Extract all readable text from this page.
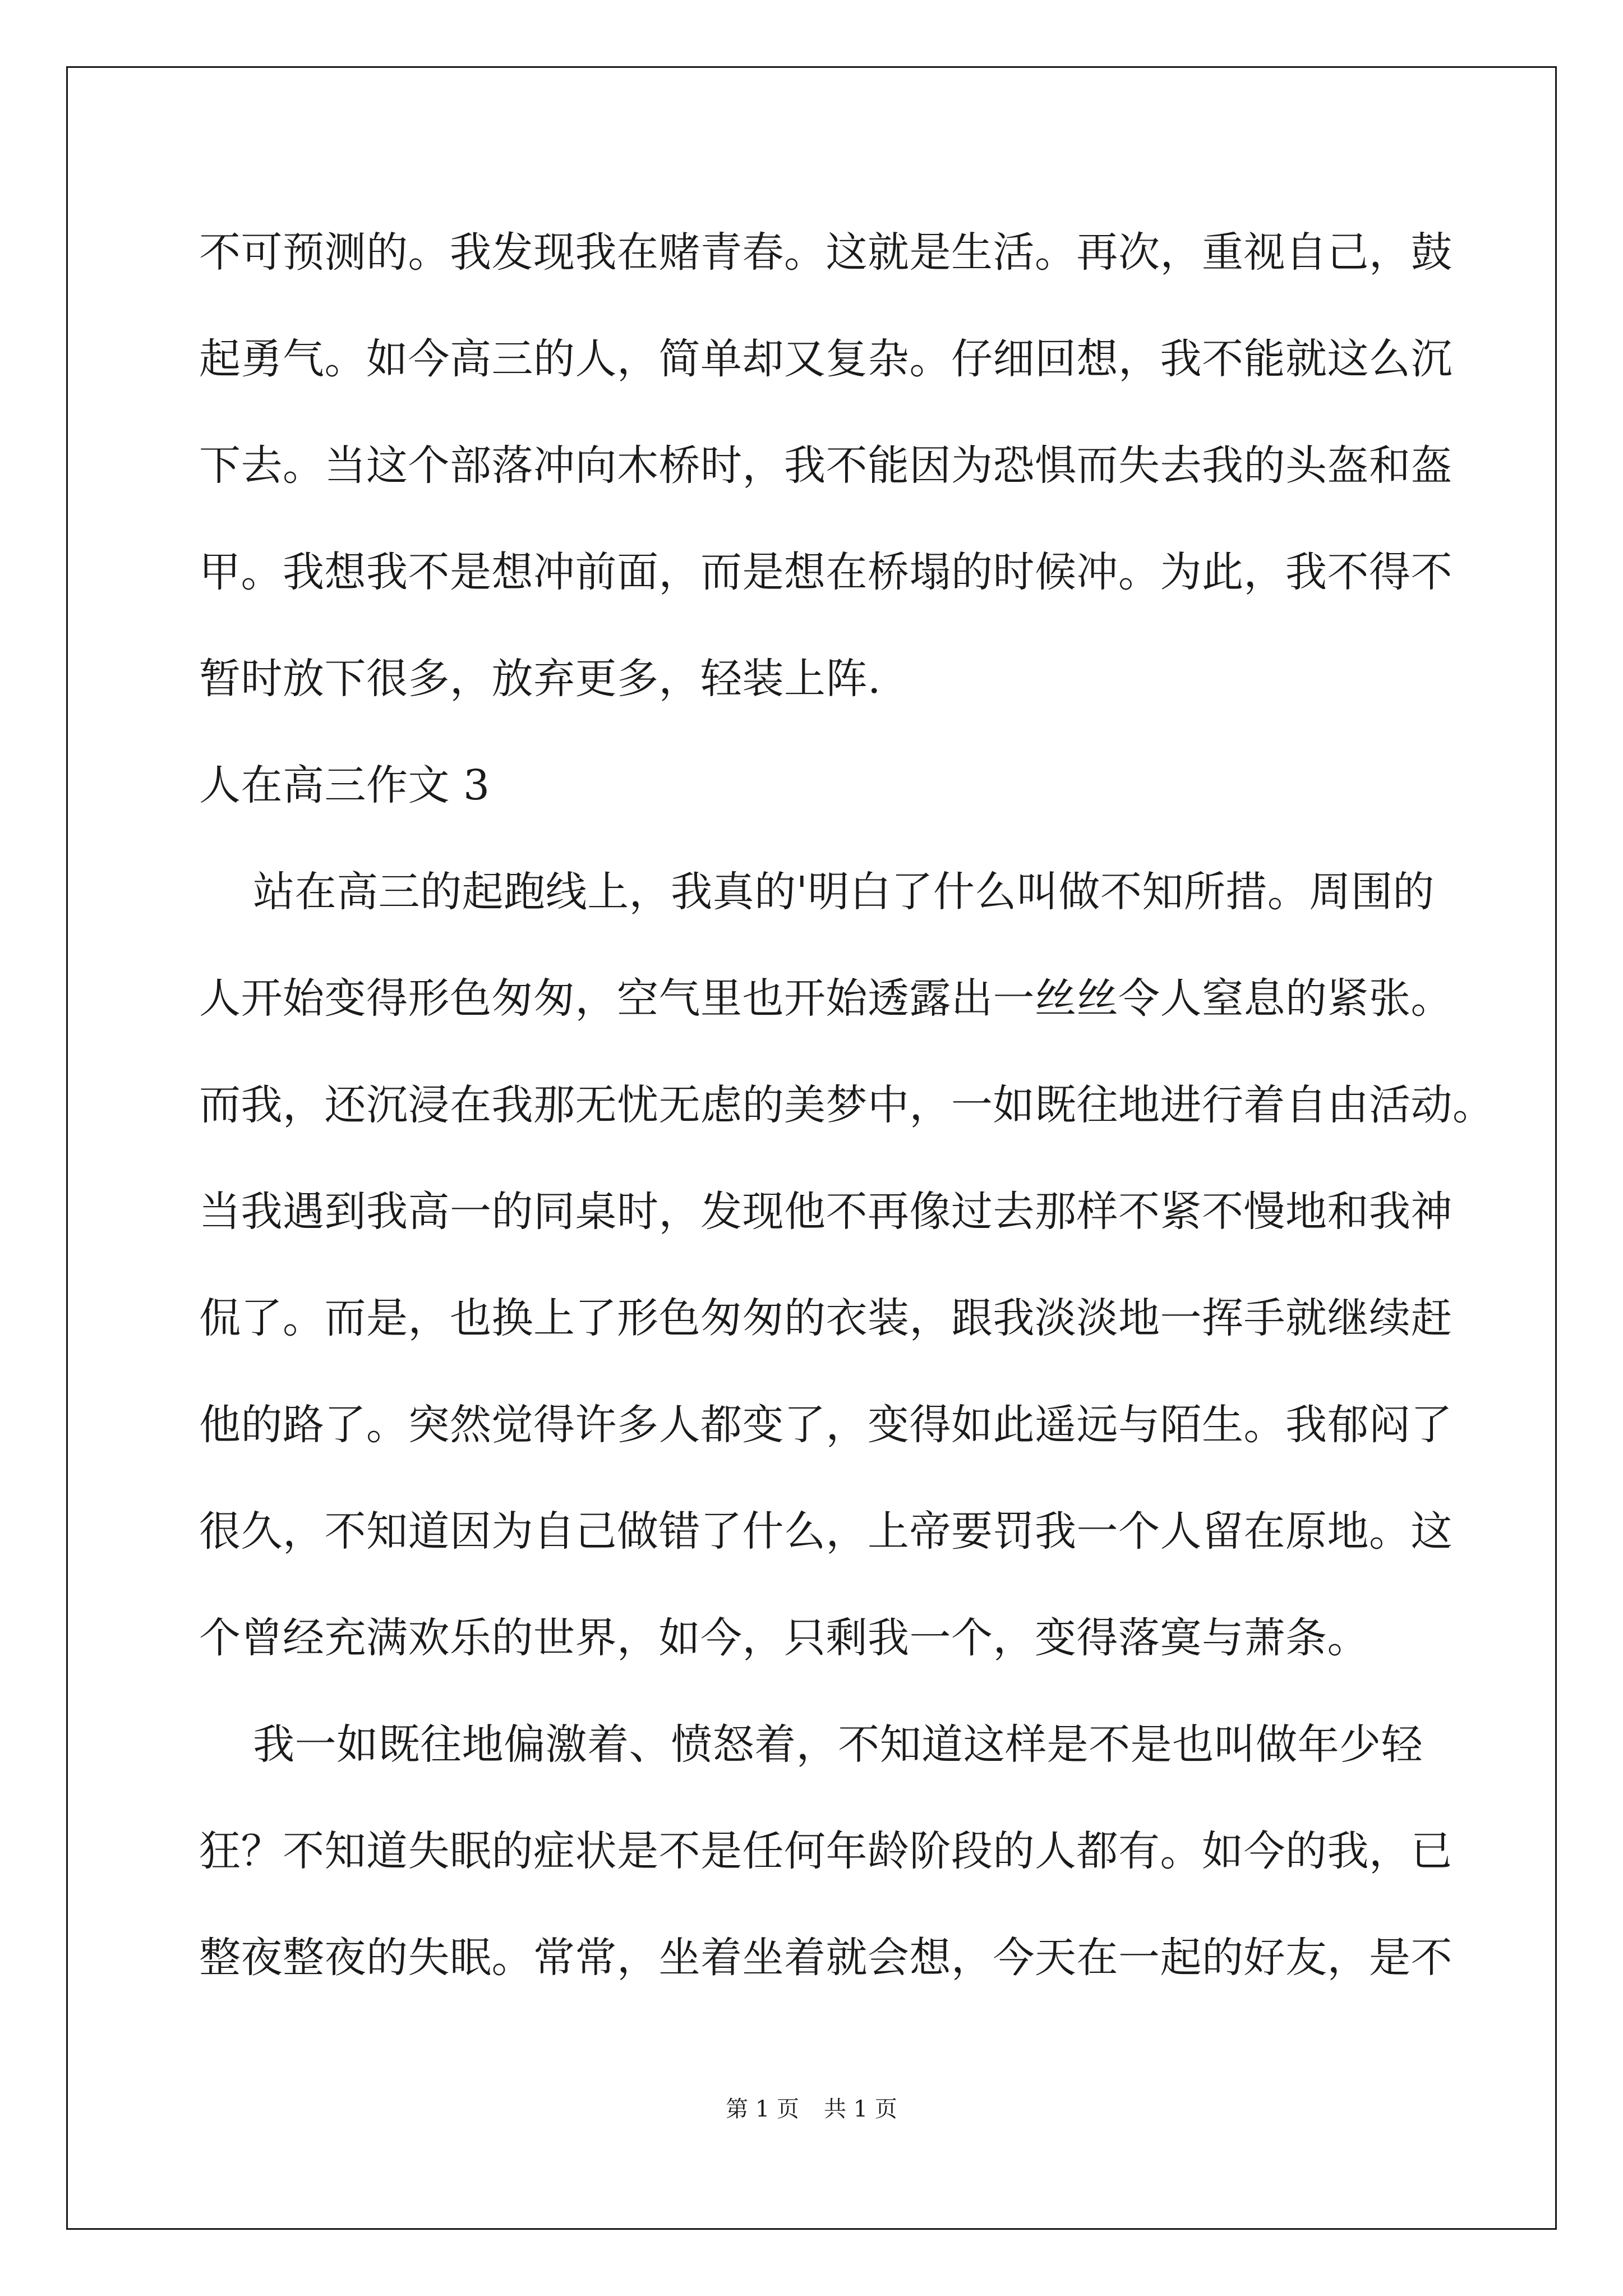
不可预测的。我发现我在赌青春。这就是生活。再次，重视自己，鼓
起勇气。如今高三的人，简单却又复杂。仔细回想，我不能就这么沉
下去。当这个部落冲向木桥时，我不能因为恐惧而失去我的头盔和盔
甲。我想我不是想冲前面，而是想在桥塌的时候冲。为此，我不得不
暂时放下很多，放弃更多，轻装上阵.
人在高三作文 3
站在高三的起跑线上，我真的'明白了什么叫做不知所措。周围的
人开始变得形色匆匆，空气里也开始透露出一丝丝令人窒息的紧张。
而我，还沉浸在我那无忧无虑的美梦中，一如既往地进行着自由活动。
当我遇到我高一的同桌时，发现他不再像过去那样不紧不慢地和我神
侃了。而是，也换上了形色匆匆的衣装，跟我淡淡地一挥手就继续赶
他的路了。突然觉得许多人都变了，变得如此遥远与陌生。我郁闷了
很久，不知道因为自己做错了什么，上帝要罚我一个人留在原地。这
个曾经充满欢乐的世界，如今，只剩我一个，变得落寞与萧条。
我一如既往地偏激着、愤怒着，不知道这样是不是也叫做年少轻
狂？不知道失眠的症状是不是任何年龄阶段的人都有。如今的我，已
整夜整夜的失眠。常常，坐着坐着就会想，今天在一起的好友，是不
第 1 页 共 1 页
